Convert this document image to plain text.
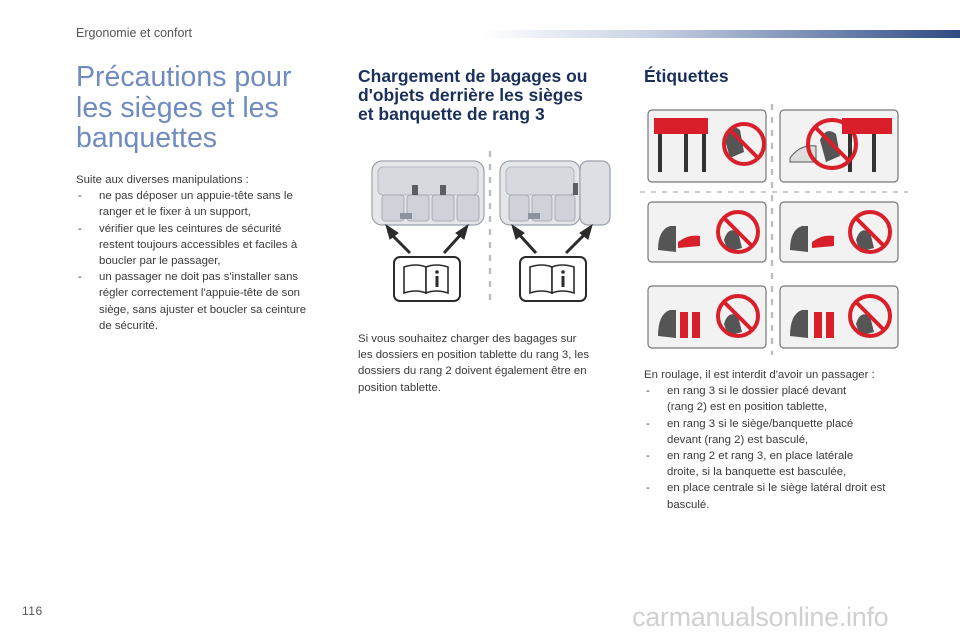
Ergonomie et confort
Précautions pour
les sièges et les
banquettes
Suite aux diverses manipulations :
- ne pas déposer un appuie-tête sans le
ranger et le fixer à un support,
- vérifier que les ceintures de sécurité
restent toujours accessibles et faciles à
boucler par le passager,
- un passager ne doit pas s'installer sans
régler correctement l'appuie-tête de son
siège, sans ajuster et boucler sa ceinture
de sécurité.
Chargement de bagages ou
d'objets derrière les sièges
et banquette de rang 3
Si vous souhaitez charger des bagages sur
les dossiers en position tablette du rang 3, les
dossiers du rang 2 doivent également être en
position tablette.
Étiquettes
En roulage, il est interdit d'avoir un passager :
- en rang 3 si le dossier placé devant
(rang 2) est en position tablette,
- en rang 3 si le siège/banquette placé
devant (rang 2) est basculé,
- en rang 2 et rang 3, en place latérale
droite, si la banquette est basculée,
- en place centrale si le siège latéral droit est
basculé.
116	carmanualsonline.info
